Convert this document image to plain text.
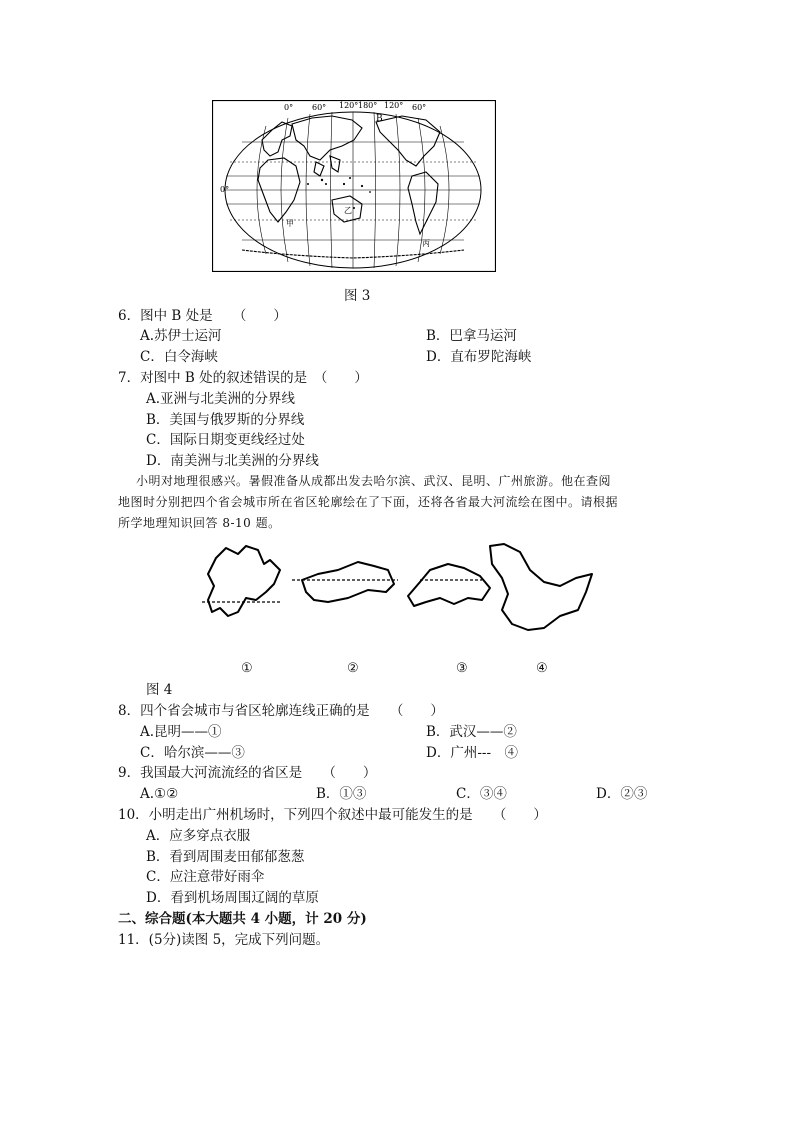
0° 60° 120° 180° 120° 60°
0°
B
甲
乙
丙
图 3
6．图中 B 处是　　（　　）
A.苏伊士运河	B．巴拿马运河
C．白令海峡	D．直布罗陀海峡
7．对图中 B 处的叙述错误的是　（　　）
A.亚洲与北美洲的分界线
B．美国与俄罗斯的分界线
C．国际日期变更线经过处
D．南美洲与北美洲的分界线
小明对地理很感兴。暑假准备从成都出发去哈尔滨、武汉、昆明、广州旅游。他在查阅
地图时分别把四个省会城市所在省区轮廓绘在了下面，还将各省最大河流绘在图中。请根据
所学地理知识回答 8-10 题。
①	②	③	④
图 4
8．四个省会城市与省区轮廓连线正确的是　　（　　）
A.昆明——①	B．武汉——②
C．哈尔滨——③	D．广州---　④
9．我国最大河流流经的省区是　　（　　）
A.①②	B．①③	C．③④	D．②③
10．小明走出广州机场时，下列四个叙述中最可能发生的是　　（　　）
A．应多穿点衣服
B．看到周围麦田郁郁葱葱
C．应注意带好雨伞
D．看到机场周围辽阔的草原
二、综合题(本大题共 4 小题，计 20 分)
11．(5分)读图 5，完成下列问题。
